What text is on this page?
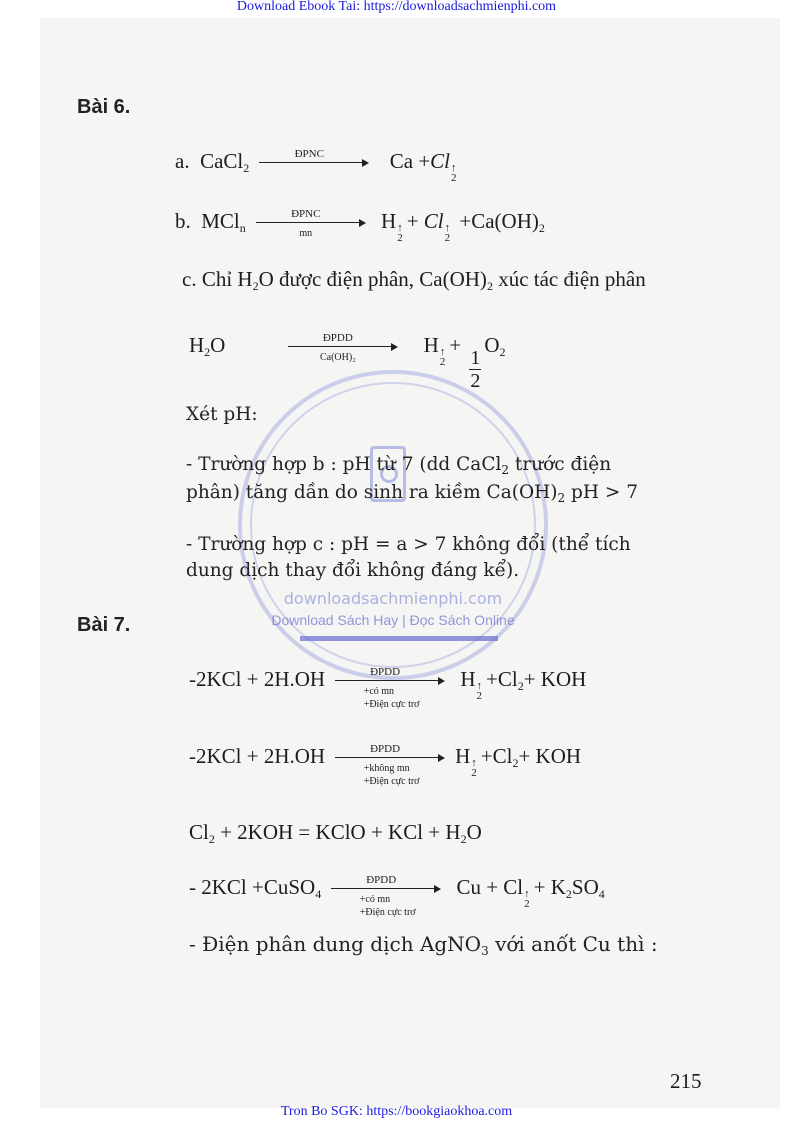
Download Ebook Tai: https://downloadsachmienphi.com
downloadsachmienphi.com
Download Sách Hay | Đọc Sách Online
Bài 6.
a.  CaCl$_2$
ĐPNC	Ca +Cl ↑
2
b.  MCl$_n$
ĐPNC
mn
H ↑
2
+ Cl ↑
2
$+Ca(OH)_2$
c. Chỉ $H_2O$ được điện phân, $Ca(OH)_2$ xúc tác điện phân
$H_2O$	ĐPDD
Ca(OH)₂
H ↑
2
+
$\frac{1}{2}$
$O_2$
Xét pH:
- Trường hợp b : pH từ 7 (dd CaCl$_2$ trước điện
phân) tăng dần do sinh ra kiềm $Ca(OH)_2$ pH > 7
- Trường hợp c : pH = a > 7 không đổi (thể tích
dung dịch thay đổi không đáng kể).
Bài 7.
-2KCl + 2H.OH	ĐPDD
+có mn
+Điện cực trơ
H ↑
2
$+Cl_2+$ KOH
-2KCl + 2H.OH	ĐPDD
+không mn
+Điện cực trơ
H ↑
2
$+Cl_2+$ KOH
$Cl_2 + 2KOH$ = KClO + KCl + $H_2O$
- 2KCl +CuSO$_4$
ĐPDD
+có mn
+Điện cực trơ
Cu + Cl ↑
2
+ $K_2SO_4$
- Điện phân dung dịch AgNO$_3$ với anốt Cu thì :
215
Tron Bo SGK: https://bookgiaokhoa.com
